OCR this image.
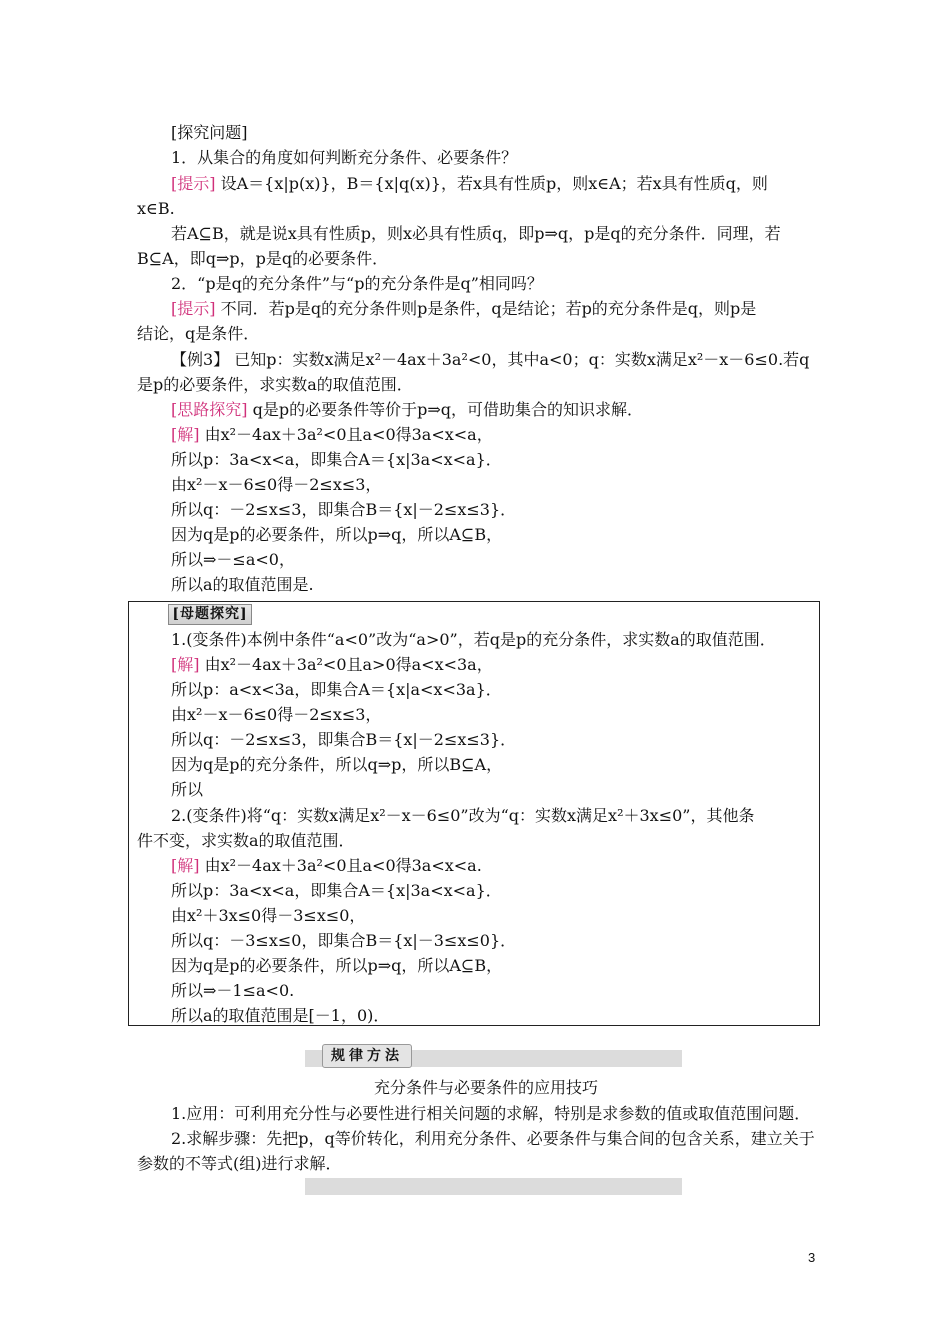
[探究问题]
1．从集合的角度如何判断充分条件、必要条件？
[提示] 设A＝{x|p(x)}，B＝{x|q(x)}，若x具有性质p，则x∈A；若x具有性质q，则
x∈B.
若A⊆B，就是说x具有性质p，则x必具有性质q，即p⇒q，p是q的充分条件．同理，若
B⊆A，即q⇒p，p是q的必要条件．
2．“p是q的充分条件”与“p的充分条件是q”相同吗？
[提示] 不同．若p是q的充分条件则p是条件，q是结论；若p的充分条件是q，则p是
结论，q是条件．
【例3】 已知p：实数x满足x²－4ax＋3a²<0，其中a<0；q：实数x满足x²－x－6≤0.若q
是p的必要条件，求实数a的取值范围．
[思路探究] q是p的必要条件等价于p⇒q，可借助集合的知识求解．
[解] 由x²－4ax＋3a²<0且a<0得3a<x<a，
所以p：3a<x<a，即集合A＝{x|3a<x<a}．
由x²－x－6≤0得－2≤x≤3，
所以q：－2≤x≤3，即集合B＝{x|－2≤x≤3}．
因为q是p的必要条件，所以p⇒q，所以A⊆B，
所以⇒－≤a<0，
所以a的取值范围是.
[母题探究]
1.(变条件)本例中条件“a<0”改为“a>0”，若q是p的充分条件，求实数a的取值范围．
[解] 由x²－4ax＋3a²<0且a>0得a<x<3a，
所以p：a<x<3a，即集合A＝{x|a<x<3a}．
由x²－x－6≤0得－2≤x≤3，
所以q：－2≤x≤3，即集合B＝{x|－2≤x≤3}．
因为q是p的充分条件，所以q⇒p，所以B⊆A，
所以
2.(变条件)将“q：实数x满足x²－x－6≤0”改为“q：实数x满足x²＋3x≤0”，其他条
件不变，求实数a的取值范围．
[解] 由x²－4ax＋3a²<0且a<0得3a<x<a.
所以p：3a<x<a，即集合A＝{x|3a<x<a}．
由x²＋3x≤0得－3≤x≤0，
所以q：－3≤x≤0，即集合B＝{x|－3≤x≤0}．
因为q是p的必要条件，所以p⇒q，所以A⊆B，
所以⇒－1≤a<0.
所以a的取值范围是[－1，0)．
规律方法
充分条件与必要条件的应用技巧
1.应用：可利用充分性与必要性进行相关问题的求解，特别是求参数的值或取值范围问题．
2.求解步骤：先把p，q等价转化，利用充分条件、必要条件与集合间的包含关系，建立关于
参数的不等式(组)进行求解．
3
